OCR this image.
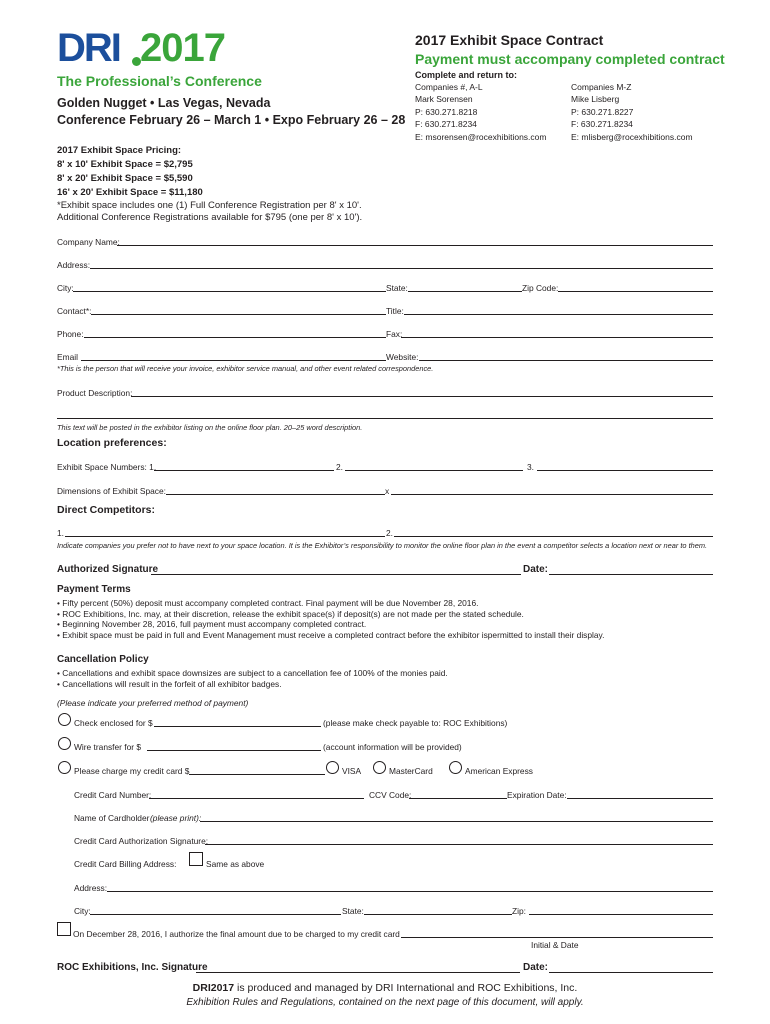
DRI 2017
The Professional’s Conference
Golden Nugget • Las Vegas, Nevada
Conference February 26 – March 1 • Expo February 26 – 28
2017 Exhibit Space Contract
Payment must accompany completed contract
Complete and return to:
Companies #, A-L
Mark Sorensen
P: 630.271.8218
F: 630.271.8234
E: msorensen@rocexhibitions.com
Companies M-Z
Mike Lisberg
P: 630.271.8227
F: 630.271.8234
E: mlisberg@rocexhibitions.com
2017 Exhibit Space Pricing:
8' x 10' Exhibit Space = $2,795
8' x 20' Exhibit Space = $5,590
16' x 20' Exhibit Space = $11,180
*Exhibit space includes one (1) Full Conference Registration per 8' x 10'.
Additional Conference Registrations available for $795 (one per 8' x 10').
Company Name:
Address:
City:	State:	Zip Code:
Contact*:	Title:
Phone:	Fax:
Email	Website:
*This is the person that will receive your invoice, exhibitor service manual, and other event related correspondence.
Product Description:
This text will be posted in the exhibitor listing on the online floor plan. 20–25 word description.
Location preferences:
Exhibit Space Numbers: 1.	2.	3.
Dimensions of Exhibit Space:	x
Direct Competitors:
1.	2.
Indicate companies you prefer not to have next to your space location. It is the Exhibitor’s responsibility to monitor the online floor plan in the event a competitor selects a location next or near to them.
Authorized Signature	Date:
Payment Terms
• Fifty percent (50%) deposit must accompany completed contract. Final payment will be due November 28, 2016.
• ROC Exhibitions, Inc. may, at their discretion, release the exhibit space(s) if deposit(s) are not made per the stated schedule.
• Beginning November 28, 2016, full payment must accompany completed contract.
• Exhibit space must be paid in full and Event Management must receive a completed contract before the exhibitor ispermitted to install their display.
Cancellation Policy
• Cancellations and exhibit space downsizes are subject to a cancellation fee of 100% of the monies paid.
• Cancellations will result in the forfeit of all exhibitor badges.
(Please indicate your preferred method of payment)
Check enclosed for $	(please make check payable to: ROC Exhibitions)
Wire transfer for $	(account information will be provided)
Please charge my credit card $	VISA	MasterCard	American Express
Credit Card Number:	CCV Code:	Expiration Date:
Name of Cardholder (please print):
Credit Card Authorization Signature:
Credit Card Billing Address:	Same as above
Address:
City:	State:	Zip:
On December 28, 2016, I authorize the final amount due to be charged to my credit card
Initial & Date
ROC Exhibitions, Inc. Signature	Date:
DRI2017 is produced and managed by DRI International and ROC Exhibitions, Inc.
Exhibition Rules and Regulations, contained on the next page of this document, will apply.
